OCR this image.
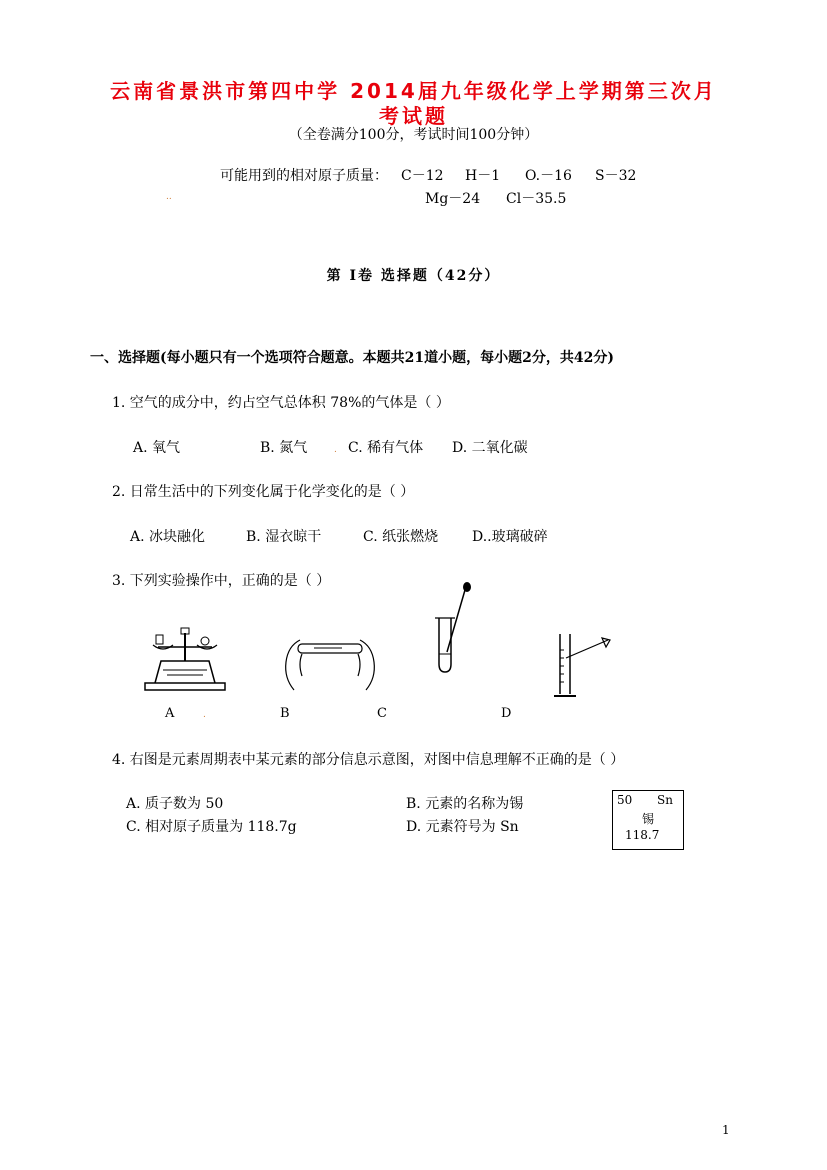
云南省景洪市第四中学 2014届九年级化学上学期第三次月
考试题
（全卷满分100分，考试时间100分钟）
可能用到的相对原子质量： C－12 H－1 O.－16 S－32
Mg－24 Cl－35.5
..
第 I卷 选择题（42分）
一、选择题(每小题只有一个选项符合题意。本题共21道小题，每小题2分，共42分)
1. 空气的成分中，约占空气总体积 78%的气体是（ ）
A. 氧气	B. 氮气	. C. 稀有气体 D. 二氧化碳
2. 日常生活中的下列变化属于化学变化的是（ ）
A. 冰块融化	B. 湿衣晾干	C. 纸张燃烧 D..玻璃破碎
3. 下列实验操作中，正确的是（ ）
A	.	B	C	D
4. 右图是元素周期表中某元素的部分信息示意图，对图中信息理解不正确的是（ ）
A. 质子数为 50	B. 元素的名称为锡
C. 相对原子质量为 118.7g	D. 元素符号为 Sn
50 Sn
锡
118.7
1
